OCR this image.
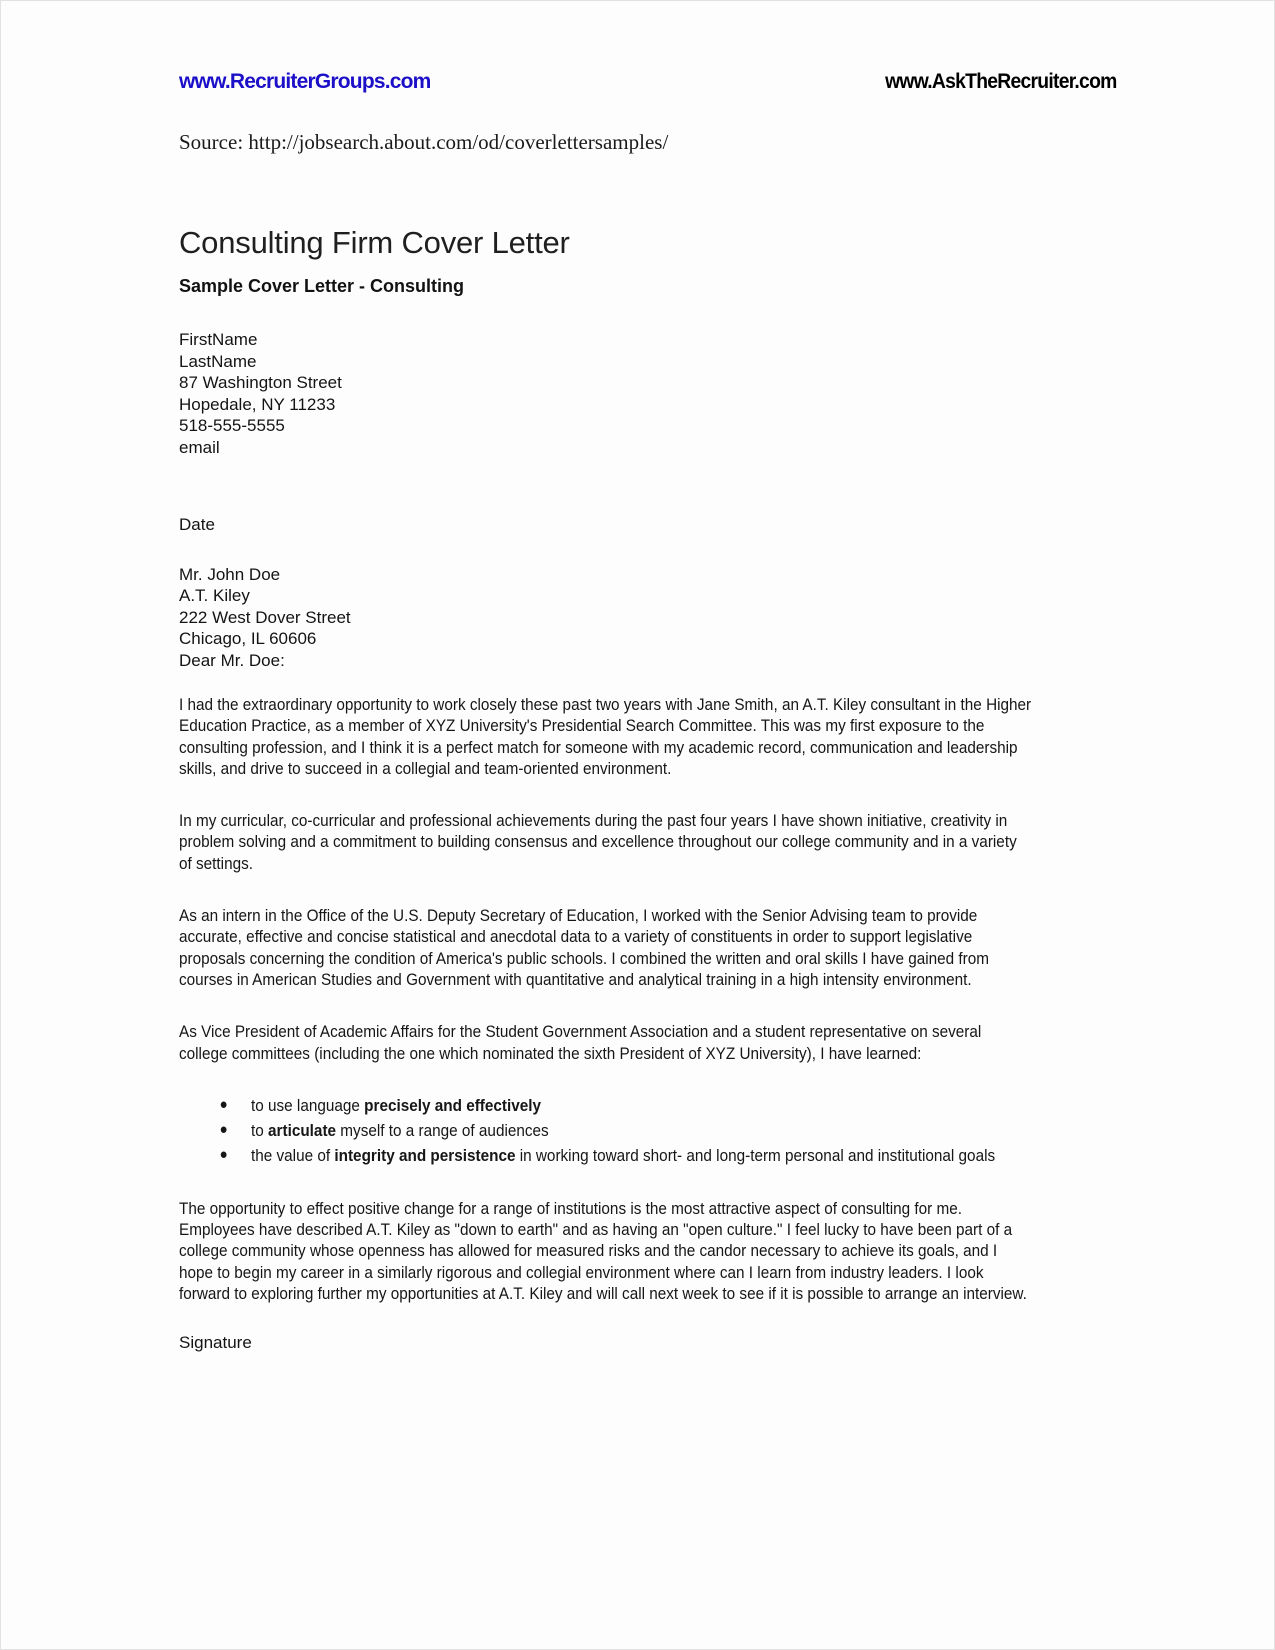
www.RecruiterGroups.com	www.AskTheRecruiter.com
Source: http://jobsearch.about.com/od/coverlettersamples/
Consulting Firm Cover Letter
Sample Cover Letter - Consulting
FirstName
LastName
87 Washington Street
Hopedale, NY 11233
518-555-5555
email
Date
Mr. John Doe
A.T. Kiley
222 West Dover Street
Chicago, IL 60606
Dear Mr. Doe:

I had the extraordinary opportunity to work closely these past two years with Jane Smith, an A.T. Kiley consultant in the Higher Education Practice, as a member of XYZ University's Presidential Search Committee. This was my first exposure to the consulting profession, and I think it is a perfect match for someone with my academic record, communication and leadership skills, and drive to succeed in a collegial and team-oriented environment.

In my curricular, co-curricular and professional achievements during the past four years I have shown initiative, creativity in problem solving and a commitment to building consensus and excellence throughout our college community and in a variety of settings.

As an intern in the Office of the U.S. Deputy Secretary of Education, I worked with the Senior Advising team to provide accurate, effective and concise statistical and anecdotal data to a variety of constituents in order to support legislative proposals concerning the condition of America's public schools. I combined the written and oral skills I have gained from courses in American Studies and Government with quantitative and analytical training in a high intensity environment.

As Vice President of Academic Affairs for the Student Government Association and a student representative on several college committees (including the one which nominated the sixth President of XYZ University), I have learned:

● to use language precisely and effectively
● to articulate myself to a range of audiences
● the value of integrity and persistence in working toward short- and long-term personal and institutional goals

The opportunity to effect positive change for a range of institutions is the most attractive aspect of consulting for me. Employees have described A.T. Kiley as "down to earth" and as having an "open culture." I feel lucky to have been part of a college community whose openness has allowed for measured risks and the candor necessary to achieve its goals, and I hope to begin my career in a similarly rigorous and collegial environment where can I learn from industry leaders. I look forward to exploring further my opportunities at A.T. Kiley and will call next week to see if it is possible to arrange an interview.

Signature
